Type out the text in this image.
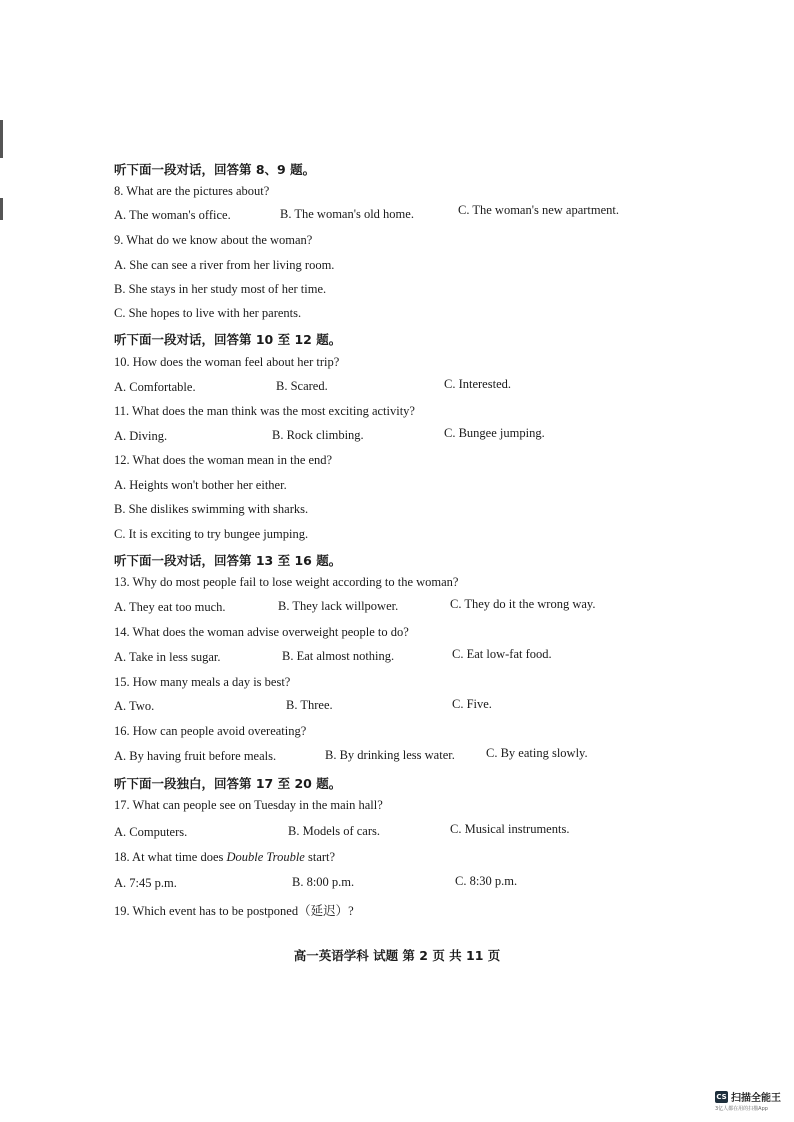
听下面一段对话，回答第 8、9 题。
8. What are the pictures about?
A. The woman's office.	B. The woman's old home.	C. The woman's new apartment.
9. What do we know about the woman?
A. She can see a river from her living room.
B. She stays in her study most of her time.
C. She hopes to live with her parents.
听下面一段对话，回答第 10 至 12 题。
10. How does the woman feel about her trip?
A. Comfortable.	B. Scared.	C. Interested.
11. What does the man think was the most exciting activity?
A. Diving.	B. Rock climbing.	C. Bungee jumping.
12. What does the woman mean in the end?
A. Heights won't bother her either.
B. She dislikes swimming with sharks.
C. It is exciting to try bungee jumping.
听下面一段对话，回答第 13 至 16 题。
13. Why do most people fail to lose weight according to the woman?
A. They eat too much.	B. They lack willpower.	C. They do it the wrong way.
14. What does the woman advise overweight people to do?
A. Take in less sugar.	B. Eat almost nothing.	C. Eat low-fat food.
15. How many meals a day is best?
A. Two.	B. Three.	C. Five.
16. How can people avoid overeating?
A. By having fruit before meals.	B. By drinking less water. C. By eating slowly.
听下面一段独白，回答第 17 至 20 题。
17. What can people see on Tuesday in the main hall?
A. Computers.	B. Models of cars.	C. Musical instruments.
18. At what time does Double Trouble start?
A. 7:45 p.m.	B. 8:00 p.m.	C. 8:30 p.m.
19. Which event has to be postponed（延迟）?
高一英语学科 试题 第 2 页 共 11 页
CS 扫描全能王
3亿人都在用的扫描App
